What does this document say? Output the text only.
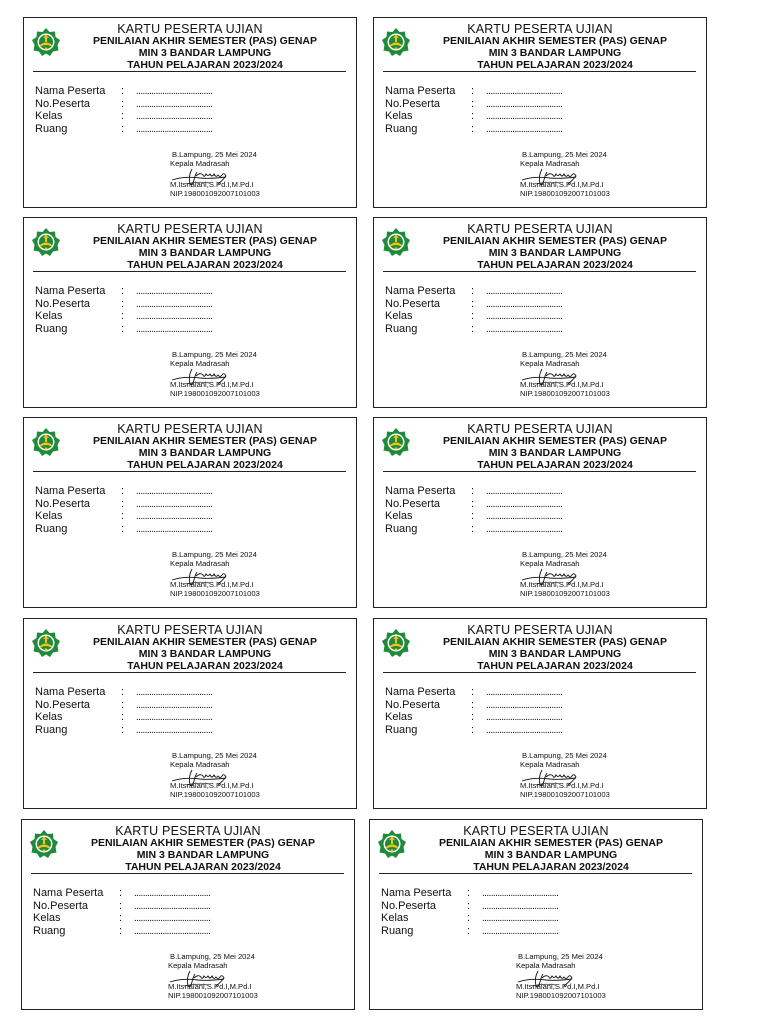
KARTU PESERTA UJIAN
PENILAIAN AKHIR SEMESTER (PAS) GENAP
MIN 3 BANDAR LAMPUNG
TAHUN PELAJARAN 2023/2024
Nama Peserta : ...................................
No.Peserta	: ...................................
Kelas	: ...................................
Ruang	: ...................................
B.Lampung, 25 Mei 2024
Kepala Madrasah
M.Itsnaiani,S.Pd.I,M.Pd.I
NIP.198001092007101003
KARTU PESERTA UJIAN
PENILAIAN AKHIR SEMESTER (PAS) GENAP
MIN 3 BANDAR LAMPUNG
TAHUN PELAJARAN 2023/2024
Nama Peserta : ...................................
No.Peserta	: ...................................
Kelas	: ...................................
Ruang	: ...................................
B.Lampung, 25 Mei 2024
Kepala Madrasah
M.Itsnaiani,S.Pd.I,M.Pd.I
NIP.198001092007101003
KARTU PESERTA UJIAN
PENILAIAN AKHIR SEMESTER (PAS) GENAP
MIN 3 BANDAR LAMPUNG
TAHUN PELAJARAN 2023/2024
Nama Peserta : ...................................
No.Peserta	: ...................................
Kelas	: ...................................
Ruang	: ...................................
B.Lampung, 25 Mei 2024
Kepala Madrasah
M.Itsnaiani,S.Pd.I,M.Pd.I
NIP.198001092007101003
KARTU PESERTA UJIAN
PENILAIAN AKHIR SEMESTER (PAS) GENAP
MIN 3 BANDAR LAMPUNG
TAHUN PELAJARAN 2023/2024
Nama Peserta : ...................................
No.Peserta	: ...................................
Kelas	: ...................................
Ruang	: ...................................
B.Lampung, 25 Mei 2024
Kepala Madrasah
M.Itsnaiani,S.Pd.I,M.Pd.I
NIP.198001092007101003
KARTU PESERTA UJIAN
PENILAIAN AKHIR SEMESTER (PAS) GENAP
MIN 3 BANDAR LAMPUNG
TAHUN PELAJARAN 2023/2024
Nama Peserta : ...................................
No.Peserta	: ...................................
Kelas	: ...................................
Ruang	: ...................................
B.Lampung, 25 Mei 2024
Kepala Madrasah
M.Itsnaiani,S.Pd.I,M.Pd.I
NIP.198001092007101003
KARTU PESERTA UJIAN
PENILAIAN AKHIR SEMESTER (PAS) GENAP
MIN 3 BANDAR LAMPUNG
TAHUN PELAJARAN 2023/2024
Nama Peserta : ...................................
No.Peserta	: ...................................
Kelas	: ...................................
Ruang	: ...................................
B.Lampung, 25 Mei 2024
Kepala Madrasah
M.Itsnaiani,S.Pd.I,M.Pd.I
NIP.198001092007101003
KARTU PESERTA UJIAN
PENILAIAN AKHIR SEMESTER (PAS) GENAP
MIN 3 BANDAR LAMPUNG
TAHUN PELAJARAN 2023/2024
Nama Peserta : ...................................
No.Peserta	: ...................................
Kelas	: ...................................
Ruang	: ...................................
B.Lampung, 25 Mei 2024
Kepala Madrasah
M.Itsnaiani,S.Pd.I,M.Pd.I
NIP.198001092007101003
KARTU PESERTA UJIAN
PENILAIAN AKHIR SEMESTER (PAS) GENAP
MIN 3 BANDAR LAMPUNG
TAHUN PELAJARAN 2023/2024
Nama Peserta : ...................................
No.Peserta	: ...................................
Kelas	: ...................................
Ruang	: ...................................
B.Lampung, 25 Mei 2024
Kepala Madrasah
M.Itsnaiani,S.Pd.I,M.Pd.I
NIP.198001092007101003
KARTU PESERTA UJIAN
PENILAIAN AKHIR SEMESTER (PAS) GENAP
MIN 3 BANDAR LAMPUNG
TAHUN PELAJARAN 2023/2024
Nama Peserta : ...................................
No.Peserta	: ...................................
Kelas	: ...................................
Ruang	: ...................................
B.Lampung, 25 Mei 2024
Kepala Madrasah
M.Itsnaiani,S.Pd.I,M.Pd.I
NIP.198001092007101003
KARTU PESERTA UJIAN
PENILAIAN AKHIR SEMESTER (PAS) GENAP
MIN 3 BANDAR LAMPUNG
TAHUN PELAJARAN 2023/2024
Nama Peserta : ...................................
No.Peserta	: ...................................
Kelas	: ...................................
Ruang	: ...................................
B.Lampung, 25 Mei 2024
Kepala Madrasah
M.Itsnaiani,S.Pd.I,M.Pd.I
NIP.198001092007101003
